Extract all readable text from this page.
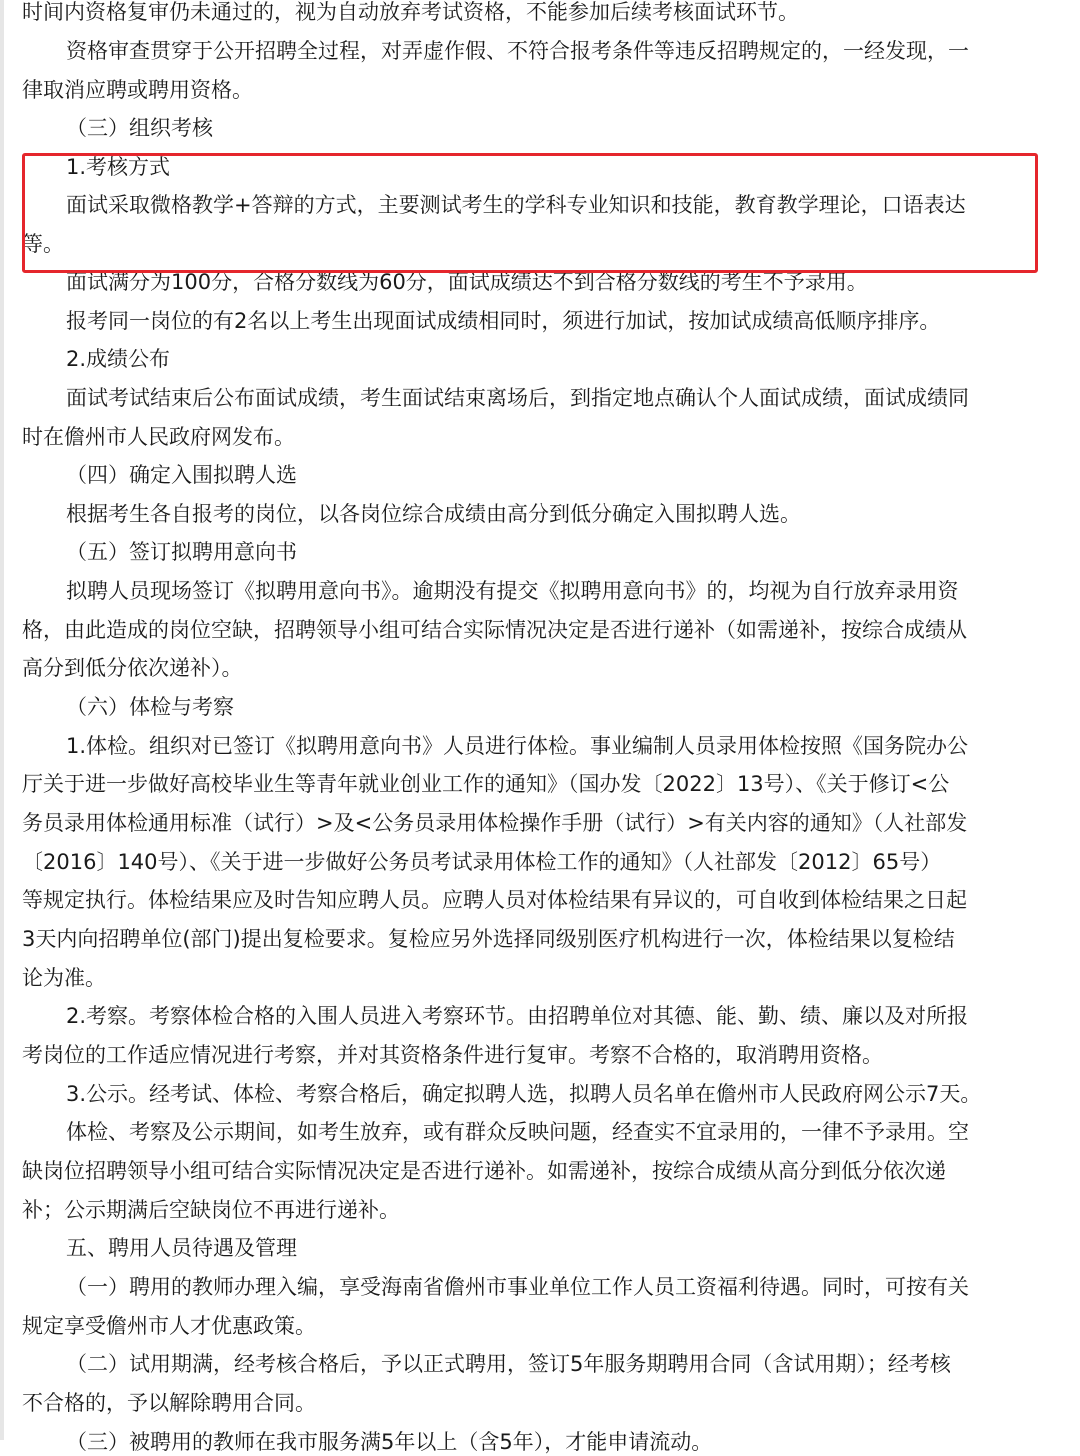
时间内资格复审仍未通过的，视为自动放弃考试资格，不能参加后续考核面试环节。
资格审查贯穿于公开招聘全过程，对弄虚作假、不符合报考条件等违反招聘规定的，一经发现，一
律取消应聘或聘用资格。
（三）组织考核
1.考核方式
面试采取微格教学+答辩的方式，主要测试考生的学科专业知识和技能，教育教学理论，口语表达
等。
面试满分为100分，合格分数线为60分，面试成绩达不到合格分数线的考生不予录用。
报考同一岗位的有2名以上考生出现面试成绩相同时，须进行加试，按加试成绩高低顺序排序。
2.成绩公布
面试考试结束后公布面试成绩，考生面试结束离场后，到指定地点确认个人面试成绩，面试成绩同
时在儋州市人民政府网发布。
（四）确定入围拟聘人选
根据考生各自报考的岗位，以各岗位综合成绩由高分到低分确定入围拟聘人选。
（五）签订拟聘用意向书
拟聘人员现场签订《拟聘用意向书》。逾期没有提交《拟聘用意向书》的，均视为自行放弃录用资
格，由此造成的岗位空缺，招聘领导小组可结合实际情况决定是否进行递补（如需递补，按综合成绩从
高分到低分依次递补）。
（六）体检与考察
1.体检。组织对已签订《拟聘用意向书》人员进行体检。事业编制人员录用体检按照《国务院办公
厅关于进一步做好高校毕业生等青年就业创业工作的通知》（国办发〔2022〕13号）、《关于修订<公
务员录用体检通用标准（试行）>及<公务员录用体检操作手册（试行）>有关内容的通知》（人社部发
〔2016〕140号）、《关于进一步做好公务员考试录用体检工作的通知》（人社部发〔2012〕65号）
等规定执行。体检结果应及时告知应聘人员。应聘人员对体检结果有异议的，可自收到体检结果之日起
3天内向招聘单位(部门)提出复检要求。复检应另外选择同级别医疗机构进行一次，体检结果以复检结
论为准。
2.考察。考察体检合格的入围人员进入考察环节。由招聘单位对其德、能、勤、绩、廉以及对所报
考岗位的工作适应情况进行考察，并对其资格条件进行复审。考察不合格的，取消聘用资格。
3.公示。经考试、体检、考察合格后，确定拟聘人选，拟聘人员名单在儋州市人民政府网公示7天。
体检、考察及公示期间，如考生放弃，或有群众反映问题，经查实不宜录用的，一律不予录用。空
缺岗位招聘领导小组可结合实际情况决定是否进行递补。如需递补，按综合成绩从高分到低分依次递
补；公示期满后空缺岗位不再进行递补。
五、聘用人员待遇及管理
（一）聘用的教师办理入编，享受海南省儋州市事业单位工作人员工资福利待遇。同时，可按有关
规定享受儋州市人才优惠政策。
（二）试用期满，经考核合格后，予以正式聘用，签订5年服务期聘用合同（含试用期）；经考核
不合格的，予以解除聘用合同。
（三）被聘用的教师在我市服务满5年以上（含5年），才能申请流动。
